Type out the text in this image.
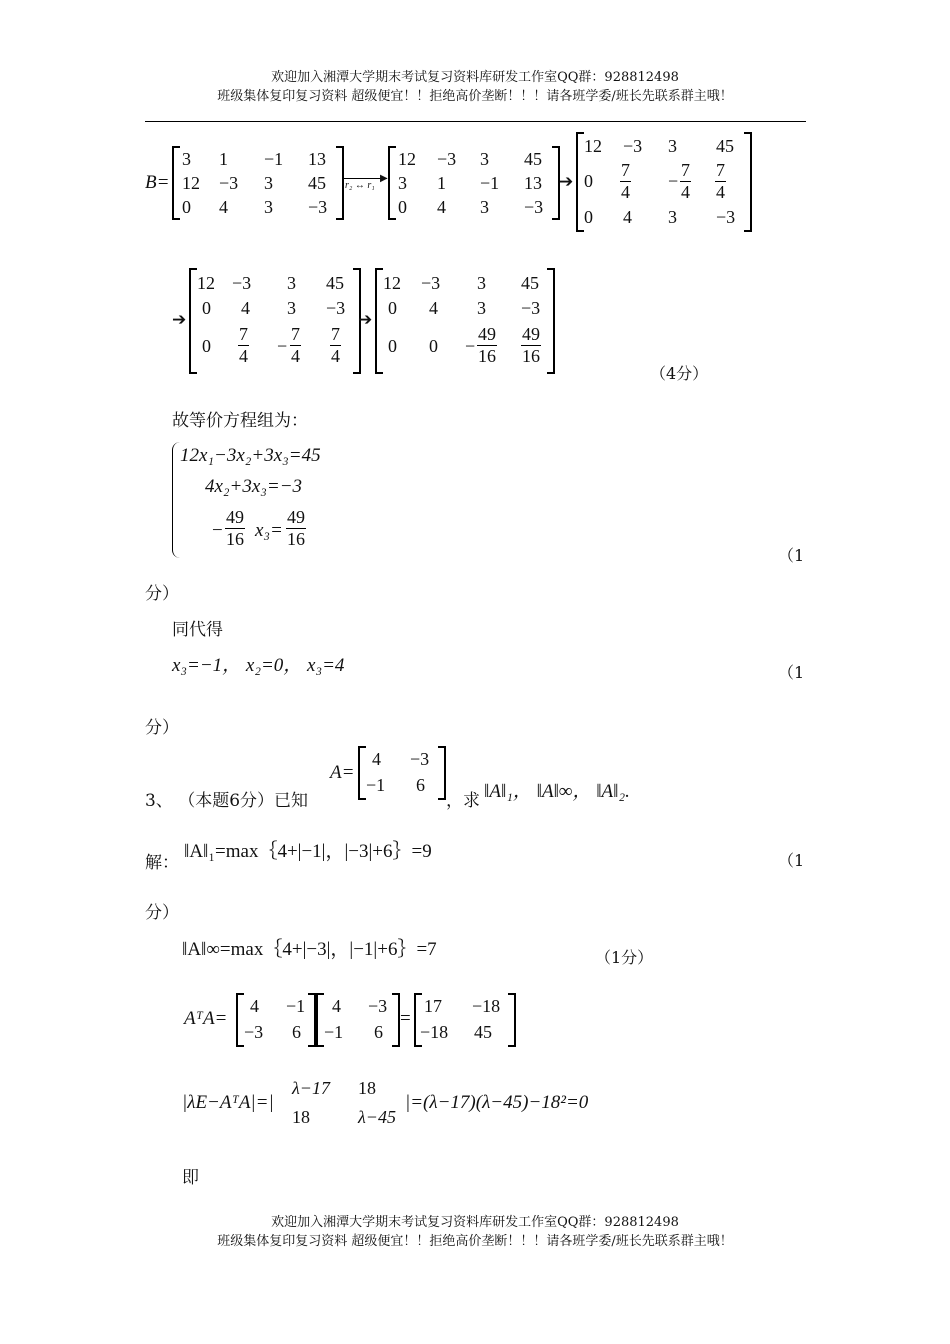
欢迎加入湘潭大学期末考试复习资料库研发工作室QQ群：928812498
班级集体复印复习资料 超级便宜！！拒绝高价垄断！！！请各班学委/班长先联系群主哦！
B=
3 1 −1 13
12 −3 3 45
0 4 3 −3
▶
r₂ ↔ r₁
12 −3 3 45
3 1 −1 13
0 4 3 −3
➔
12 −3 3 45
$0 \frac{7}{4} - \frac{7}{4} \frac{7}{4}$
0 4 3 −3
➔
12 −3 3 45
0 4 3 −3
$0 \frac{7}{4} - \frac{7}{4} \frac{7}{4}$
➔
12 −3 3 45
0 4 3 −3
0 $0 - \frac{49}{16} \frac{49}{16}$
（4分）
故等价方程组为：
12x₁−3x₂+3x₃=45
4x₂+3x₃=−3
− $\frac{49}{16} x_3= \frac{49}{16}$
（1
分）
同代得
x₃=−1， x₂=0， x₃=4	（1
分）
3、 （本题6分）已知
A=
4 −3
−1 6
，求 ‖A‖₁， ‖A‖∞， ‖A‖₂.
解：
‖A‖₁=max｛4+|−1|，|−3|+6｝=9	（1
分）
‖A‖∞=max｛4+|−3|，|−1|+6｝=7	（1分）
AᵀA=
4 −1
−3 6
4 −3
−1 6
=
17 −18
−18 45
|λE−AᵀA|=|
λ−17 18
18	λ−45
|=(λ−17)(λ−45)−18²=0
即
欢迎加入湘潭大学期末考试复习资料库研发工作室QQ群：928812498
班级集体复印复习资料 超级便宜！！拒绝高价垄断！！！请各班学委/班长先联系群主哦！
